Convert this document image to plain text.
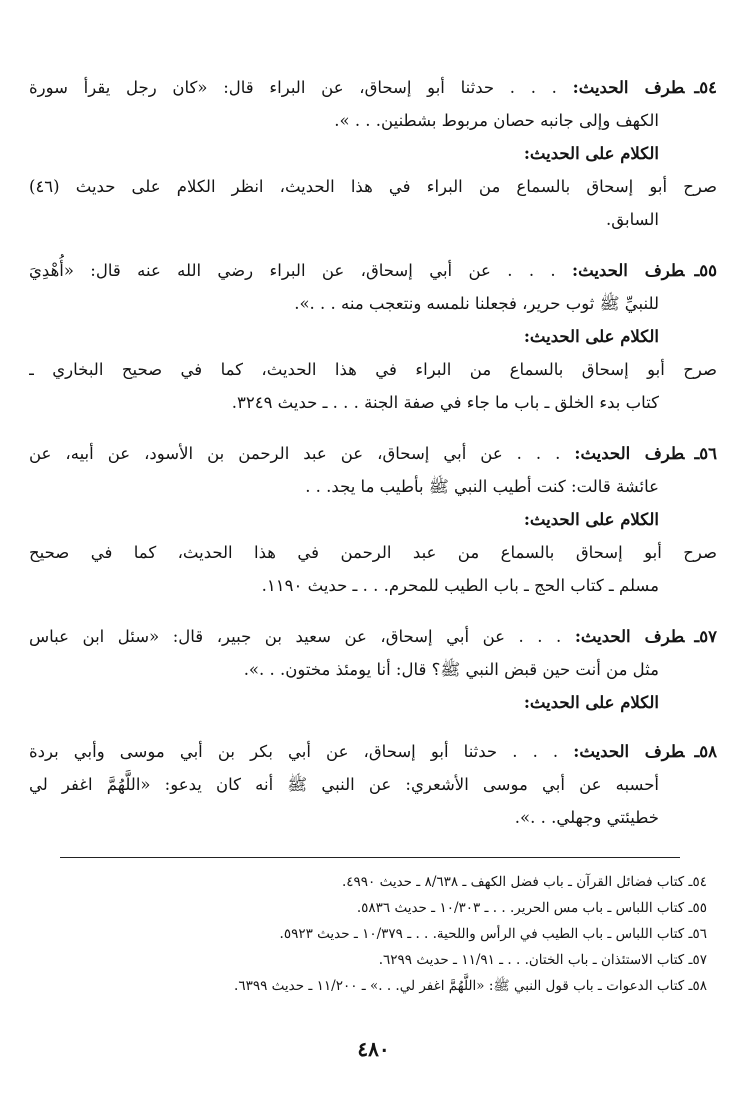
٥٤ـطرف الحديث: . . . حدثنا أبو إسحاق، عن البراء قال: «كان رجل يقرأ سورة
الكهف وإلى جانبه حصان مربوط بشطنين. . . ».
الكلام على الحديث:
صرح أبو إسحاق بالسماع من البراء في هذا الحديث، انظر الكلام على حديث (٤٦)
السابق.
٥٥ـطرف الحديث: . . . عن أبي إسحاق، عن البراء رضي الله عنه قال: «أُهْدِيَ
للنبيِّ ﷺ ثوب حرير، فجعلنا نلمسه ونتعجب منه . . .».
الكلام على الحديث:
صرح أبو إسحاق بالسماع من البراء في هذا الحديث، كما في صحيح البخاري ـ
كتاب بدء الخلق ـ باب ما جاء في صفة الجنة . . . ـ حديث ٣٢٤٩.
٥٦ـطرف الحديث: . . . عن أبي إسحاق، عن عبد الرحمن بن الأسود، عن أبيه، عن
عائشة قالت: كنت أطيب النبي ﷺ بأطيب ما يجد. . .
الكلام على الحديث:
صرح أبو إسحاق بالسماع من عبد الرحمن في هذا الحديث، كما في صحيح
مسلم ـ كتاب الحج ـ باب الطيب للمحرم. . . ـ حديث ١١٩٠.
٥٧ـطرف الحديث: . . . عن أبي إسحاق، عن سعيد بن جبير، قال: «سئل ابن عباس
مثل من أنت حين قبض النبي ﷺ؟ قال: أنا يومئذ مختون. . .».
الكلام على الحديث:
٥٨ـطرف الحديث: . . . حدثنا أبو إسحاق، عن أبي بكر بن أبي موسى وأبي بردة
أحسبه عن أبي موسى الأشعري: عن النبي ﷺ أنه كان يدعو: «اللَّهُمَّ اغفر لي
خطيئتي وجهلي. . .».
٥٤ـ كتاب فضائل القرآن ـ باب فضل الكهف ـ ٨/٦٣٨ ـ حديث ٤٩٩٠.
٥٥ـ كتاب اللباس ـ باب مس الحرير. . . ـ ١٠/٣٠٣ ـ حديث ٥٨٣٦.
٥٦ـ كتاب اللباس ـ باب الطيب في الرأس واللحية. . . ـ ١٠/٣٧٩ ـ حديث ٥٩٢٣.
٥٧ـ كتاب الاستئذان ـ باب الختان. . . ـ ١١/٩١ ـ حديث ٦٢٩٩.
٥٨ـ كتاب الدعوات ـ باب قول النبي ﷺ: «اللَّهُمَّ اغفر لي. . .» ـ ١١/٢٠٠ ـ حديث ٦٣٩٩.
٤٨٠
